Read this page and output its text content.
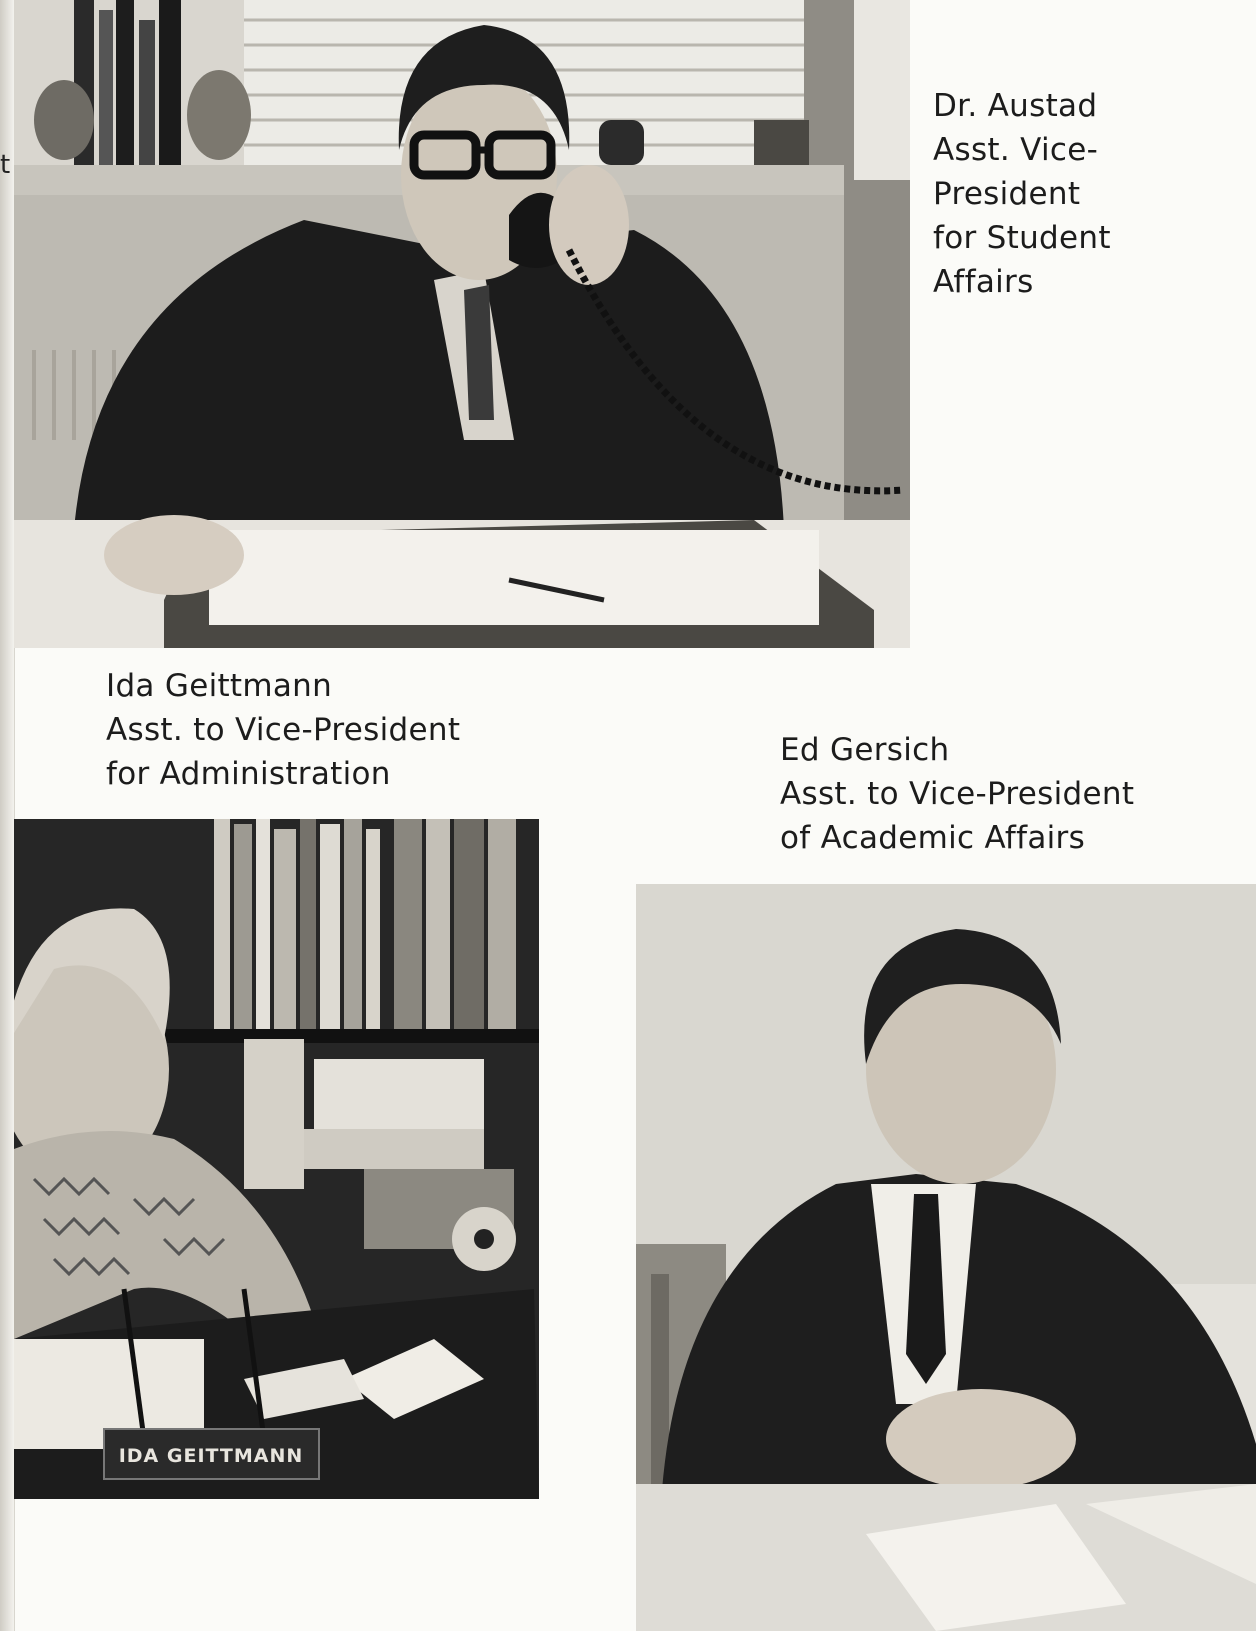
t
Dr. Austad
Asst. Vice-
President
for Student
Affairs
Ida Geittmann
Asst. to Vice-President
for Administration
IDA GEITTMANN
Ed Gersich
Asst. to Vice-President
of Academic Affairs
